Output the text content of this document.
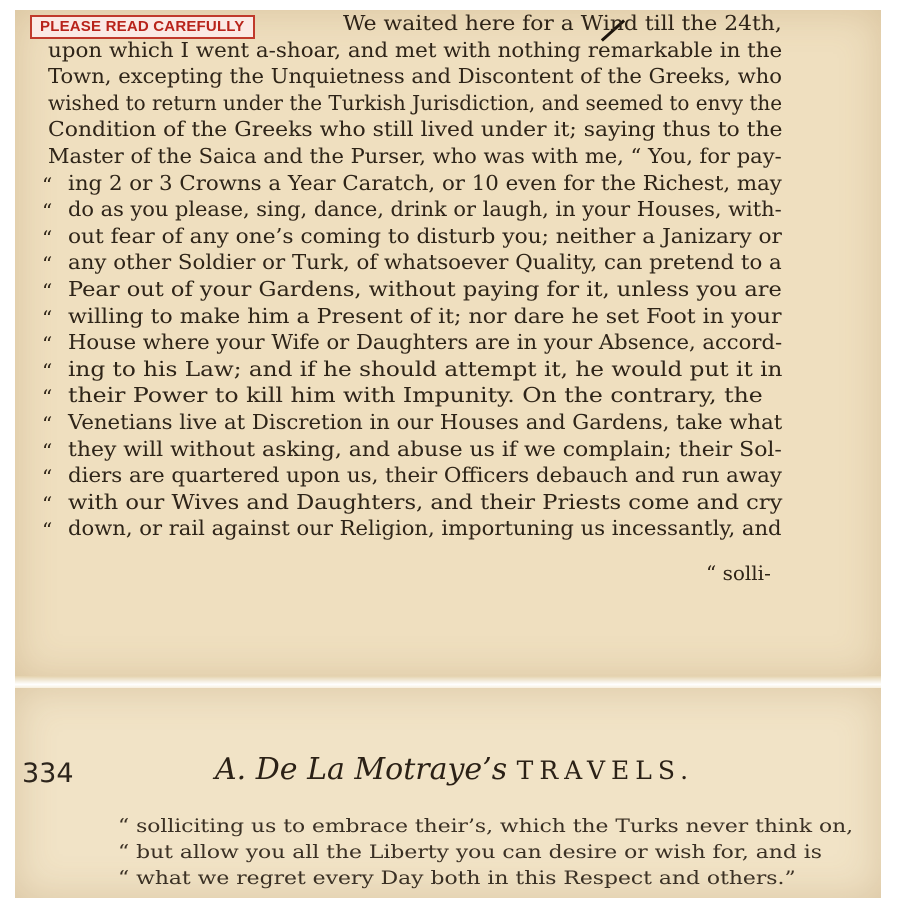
PLEASE READ CAREFULLY	We waited here for a Wind till the 24th,
upon which I went a-shoar, and met with nothing remarkable in the
Town, excepting the Unquietness and Discontent of the Greeks, who
wished to return under the Turkish Jurisdiction, and seemed to envy the
Condition of the Greeks who still lived under it; saying thus to the
Master of the Saica and the Purser, who was with me, “ You, for pay-
“ ing 2 or 3 Crowns a Year Caratch, or 10 even for the Richest, may
“ do as you please, sing, dance, drink or laugh, in your Houses, with-
“ out fear of any one’s coming to disturb you; neither a Janizary or
“ any other Soldier or Turk, of whatsoever Quality, can pretend to a
“ Pear out of your Gardens, without paying for it, unless you are
“ willing to make him a Present of it; nor dare he set Foot in your
“ House where your Wife or Daughters are in your Absence, accord-
“ ing to his Law; and if he should attempt it, he would put it in
“ their Power to kill him with Impunity. On the contrary, the
“ Venetians live at Discretion in our Houses and Gardens, take what
“ they will without asking, and abuse us if we complain; their Sol-
“ diers are quartered upon us, their Officers debauch and run away
“ with our Wives and Daughters, and their Priests come and cry
“ down, or rail against our Religion, importuning us incessantly, and
“ solli-
334	A. De La Motraye’s TRAVELS.
“ solliciting us to embrace their’s, which the Turks never think on,
“ but allow you all the Liberty you can desire or wish for, and is
“ what we regret every Day both in this Respect and others.”
